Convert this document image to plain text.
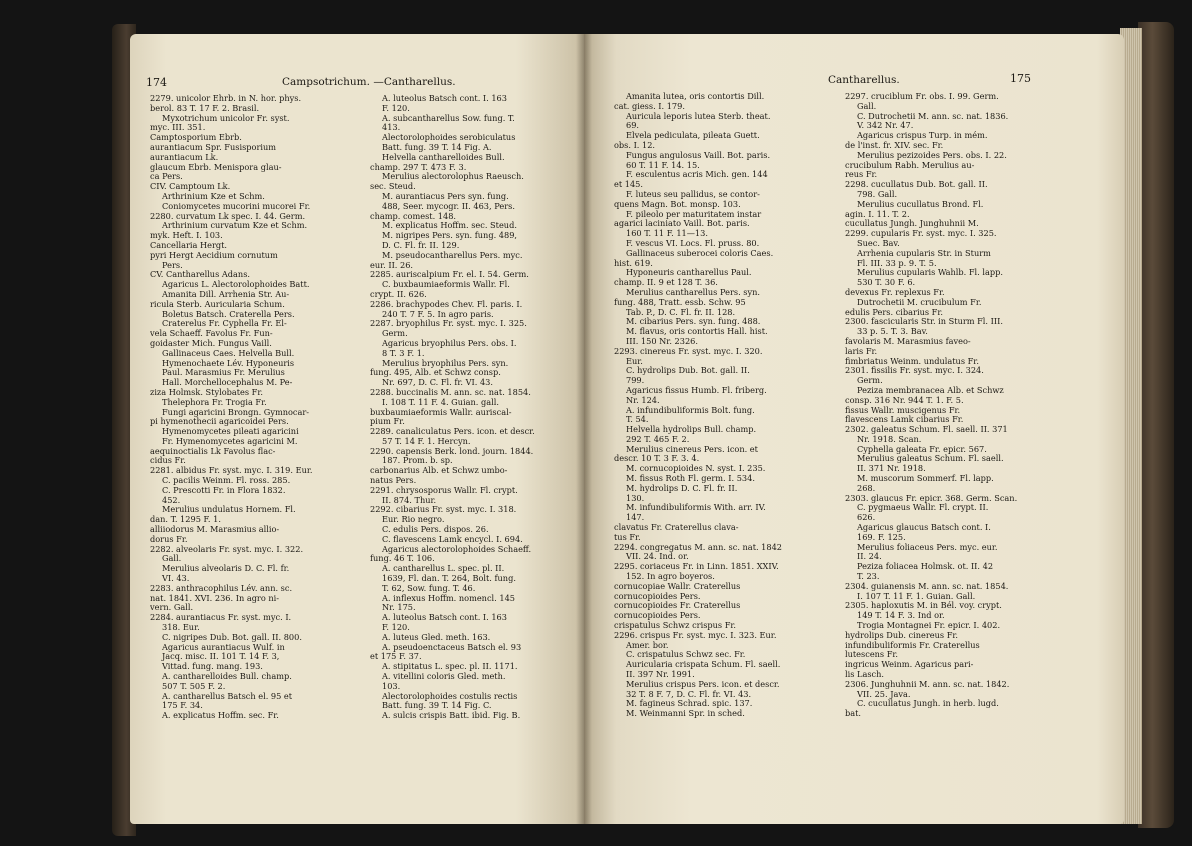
174	Campsotrichum. —Cantharellus.	Cantharellus.	175
2279. unicolor Ehrb. in N. hor. phys.
berol. 83 T. 17 F. 2. Brasil.
Myxotrichum unicolor Fr. syst.
myc. III. 351.
Camptosporium Ebrb.
aurantiacum Spr. Fusisporium
aurantiacum Lk.
glaucum Ebrb. Menispora glau-
ca Pers.
CIV. Camptoum Lk.
Arthrinium Kze et Schm.
Coniomycetes mucorini mucorei Fr.
2280. curvatum Lk spec. I. 44. Germ.
Arthrinium curvatum Kze et Schm.
myk. Heft. I. 103.
Cancellaria Hergt.
pyri Hergt Aecidium cornutum
Pers.
CV. Cantharellus Adans.
Agaricus L. Alectorolophoides Batt.
Amanita Dill. Arrhenia Str. Au-
ricula Sterb. Auricularia Schum.
Boletus Batsch. Craterella Pers.
Craterelus Fr. Cyphella Fr. El-
vela Schaeff. Favolus Fr. Fun-
goidaster Mich. Fungus Vaill.
Gallinaceus Caes. Helvella Bull.
Hymenochaete Lév. Hyponeuris
Paul. Marasmius Fr. Merulius
Hall. Morchellocephalus M. Pe-
ziza Holmsk. Stylobates Fr.
Thelephora Fr. Trogia Fr.
Fungi agaricini Brongn. Gymnocar-
pi hymenothecii agaricoidei Pers.
Hymenomycetes pileati agaricini
Fr. Hymenomycetes agaricini M.
aequinoctialis Lk Favolus flac-
cidus Fr.
2281. albidus Fr. syst. myc. I. 319. Eur.
C. pacilis Weinm. Fl. ross. 285.
C. Prescotti Fr. in Flora 1832.
452.
Merulius undulatus Hornem. Fl.
dan. T. 1295 F. 1.
alliiodorus M. Marasmius allio-
dorus Fr.
2282. alveolaris Fr. syst. myc. I. 322.
Gall.
Merulius alveolaris D. C. Fl. fr.
VI. 43.
2283. anthracophilus Lév. ann. sc.
nat. 1841. XVI. 236. In agro ni-
vern. Gall.
2284. aurantiacus Fr. syst. myc. I.
318. Eur.
C. nigripes Dub. Bot. gall. II. 800.
Agaricus aurantiacus Wulf. in
Jacq. misc. II. 101 T. 14 F. 3,
Vittad. fung. mang. 193.
A. cantharelloides Bull. champ.
507 T. 505 F. 2.
A. cantharellus Batsch el. 95 et
175 F. 34.
A. explicatus Hoffm. sec. Fr.
A. luteolus Batsch cont. I. 163
F. 120.
A. subcantharellus Sow. fung. T.
413.
Alectorolophoides serobiculatus
Batt. fung. 39 T. 14 Fig. A.
Helvella cantharelloides Bull.
champ. 297 T. 473 F. 3.
Merulius alectorolophus Raeusch.
sec. Steud.
M. aurantiacus Pers syn. fung.
488, Seer. mycogr. II. 463, Pers.
champ. comest. 148.
M. explicatus Hoffm. sec. Steud.
M. nigripes Pers. syn. fung. 489,
D. C. Fl. fr. II. 129.
M. pseudocantharellus Pers. myc.
eur. II. 26.
2285. auriscalpium Fr. el. I. 54. Germ.
C. buxbaumiaeformis Wallr. Fl.
crypt. II. 626.
2286. brachypodes Chev. Fl. paris. I.
240 T. 7 F. 5. In agro paris.
2287. bryophilus Fr. syst. myc. I. 325.
Germ.
Agaricus bryophilus Pers. obs. I.
8 T. 3 F. 1.
Merulius bryophilus Pers. syn.
fung. 495, Alb. et Schwz consp.
Nr. 697, D. C. Fl. fr. VI. 43.
2288. buccinalis M. ann. sc. nat. 1854.
I. 108 T. 11 F. 4. Guian. gall.
buxbaumiaeformis Wallr. auriscal-
pium Fr.
2289. canaliculatus Pers. icon. et descr.
57 T. 14 F. 1. Hercyn.
2290. capensis Berk. lond. journ. 1844.
187. Prom. b. sp.
carbonarius Alb. et Schwz umbo-
natus Pers.
2291. chrysosporus Wallr. Fl. crypt.
II. 874. Thur.
2292. cibarius Fr. syst. myc. I. 318.
Eur. Rio negro.
C. edulis Pers. dispos. 26.
C. flavescens Lamk encycl. I. 694.
Agaricus alectorolophoides Schaeff.
fung. 46 T. 106.
A. cantharellus L. spec. pl. II.
1639, Fl. dan. T. 264, Bolt. fung.
T. 62, Sow. fung. T. 46.
A. inflexus Hoffm. nomencl. 145
Nr. 175.
A. luteolus Batsch cont. I. 163
F. 120.
A. luteus Gled. meth. 163.
A. pseudoenctaceus Batsch el. 93
et 175 F. 37.
A. stipitatus L. spec. pl. II. 1171.
A. vitellini coloris Gled. meth.
103.
Alectorolophoides costulis rectis
Batt. fung. 39 T. 14 Fig. C.
A. sulcis crispis Batt. ibid. Fig. B.
Amanita lutea, oris contortis Dill.
cat. giess. I. 179.
Auricula leporis lutea Sterb. theat.
69.
Elvela pediculata, pileata Guett.
obs. I. 12.
Fungus angulosus Vaill. Bot. paris.
60 T. 11 F. 14. 15.
F. esculentus acris Mich. gen. 144
et 145.
F. luteus seu pallidus, se contor-
quens Magn. Bot. monsp. 103.
F. pileolo per maturitatem instar
agarici laciniato Vaill. Bot. paris.
160 T. 11 F. 11—13.
F. vescus VI. Locs. Fl. pruss. 80.
Gallinaceus suberocei coloris Caes.
hist. 619.
Hyponeuris cantharellus Paul.
champ. II. 9 et 128 T. 36.
Merulius cantharellus Pers. syn.
fung. 488, Tratt. essb. Schw. 95
Tab. P., D. C. Fl. fr. II. 128.
M. cibarius Pers. syn. fung. 488.
M. flavus, oris contortis Hall. hist.
III. 150 Nr. 2326.
2293. cinereus Fr. syst. myc. I. 320.
Eur.
C. hydrolips Dub. Bot. gall. II.
799.
Agaricus fissus Humb. Fl. friberg.
Nr. 124.
A. infundibuliformis Bolt. fung.
T. 54.
Helvella hydrolips Bull. champ.
292 T. 465 F. 2.
Merulius cinereus Pers. icon. et
descr. 10 T. 3 F. 3. 4.
M. cornucopioides N. syst. I. 235.
M. fissus Roth Fl. germ. I. 534.
M. hydrolips D. C. Fl. fr. II.
130.
M. infundibuliformis With. arr. IV.
147.
clavatus Fr. Craterellus clava-
tus Fr.
2294. congregatus M. ann. sc. nat. 1842
VII. 24. Ind. or.
2295. coriaceus Fr. in Linn. 1851. XXIV.
152. In agro boyeros.
cornucopiae Wallr. Craterellus
cornucopioides Pers.
cornucopioides Fr. Craterellus
cornucopioides Pers.
crispatulus Schwz crispus Fr.
2296. crispus Fr. syst. myc. I. 323. Eur.
Amer. bor.
C. crispatulus Schwz sec. Fr.
Auricularia crispata Schum. Fl. saell.
II. 397 Nr. 1991.
Merulius crispus Pers. icon. et descr.
32 T. 8 F. 7, D. C. Fl. fr. VI. 43.
M. fagineus Schrad. spic. 137.
M. Weinmanni Spr. in sched.
2297. cruciblum Fr. obs. I. 99. Germ.
Gall.
C. Dutrochetii M. ann. sc. nat. 1836.
V. 342 Nr. 47.
Agaricus crispus Turp. in mém.
de l'inst. fr. XIV. sec. Fr.
Merulius pezizoides Pers. obs. I. 22.
crucibulum Rabh. Merulius au-
reus Fr.
2298. cucullatus Dub. Bot. gall. II.
798. Gall.
Merulius cucullatus Brond. Fl.
agin. I. 11. T. 2.
cucullatus Jungh. Junghuhnii M.
2299. cupularis Fr. syst. myc. I. 325.
Suec. Bav.
Arrhenia cupularis Str. in Sturm
Fl. III. 33 p. 9. T. 5.
Merulius cupularis Wahlb. Fl. lapp.
530 T. 30 F. 6.
devexus Fr. replexus Fr.
Dutrochetii M. crucibulum Fr.
edulis Pers. cibarius Fr.
2300. fascicularis Str. in Sturm Fl. III.
33 p. 5. T. 3. Bav.
favolaris M. Marasmius faveo-
laris Fr.
fimbriatus Weinm. undulatus Fr.
2301. fissilis Fr. syst. myc. I. 324.
Germ.
Peziza membranacea Alb. et Schwz
consp. 316 Nr. 944 T. 1. F. 5.
fissus Wallr. muscigenus Fr.
flavescens Lamk cibarius Fr.
2302. galeatus Schum. Fl. saell. II. 371
Nr. 1918. Scan.
Cyphella galeata Fr. epicr. 567.
Merulius galeatus Schum. Fl. saell.
II. 371 Nr. 1918.
M. muscorum Sommerf. Fl. lapp.
268.
2303. glaucus Fr. epicr. 368. Germ. Scan.
C. pygmaeus Wallr. Fl. crypt. II.
626.
Agaricus glaucus Batsch cont. I.
169. F. 125.
Merulius foliaceus Pers. myc. eur.
II. 24.
Peziza foliacea Holmsk. ot. II. 42
T. 23.
2304. guianensis M. ann. sc. nat. 1854.
I. 107 T. 11 F. 1. Guian. Gall.
2305. haploxutis M. in Bél. voy. crypt.
149 T. 14 F. 3. Ind or.
Trogia Montagnei Fr. epicr. I. 402.
hydrolips Dub. cinereus Fr.
infundibuliformis Fr. Craterellus
lutescens Fr.
ingricus Weinm. Agaricus pari-
lis Lasch.
2306. Junghuhnii M. ann. sc. nat. 1842.
VII. 25. Java.
C. cucullatus Jungh. in herb. lugd.
bat.
